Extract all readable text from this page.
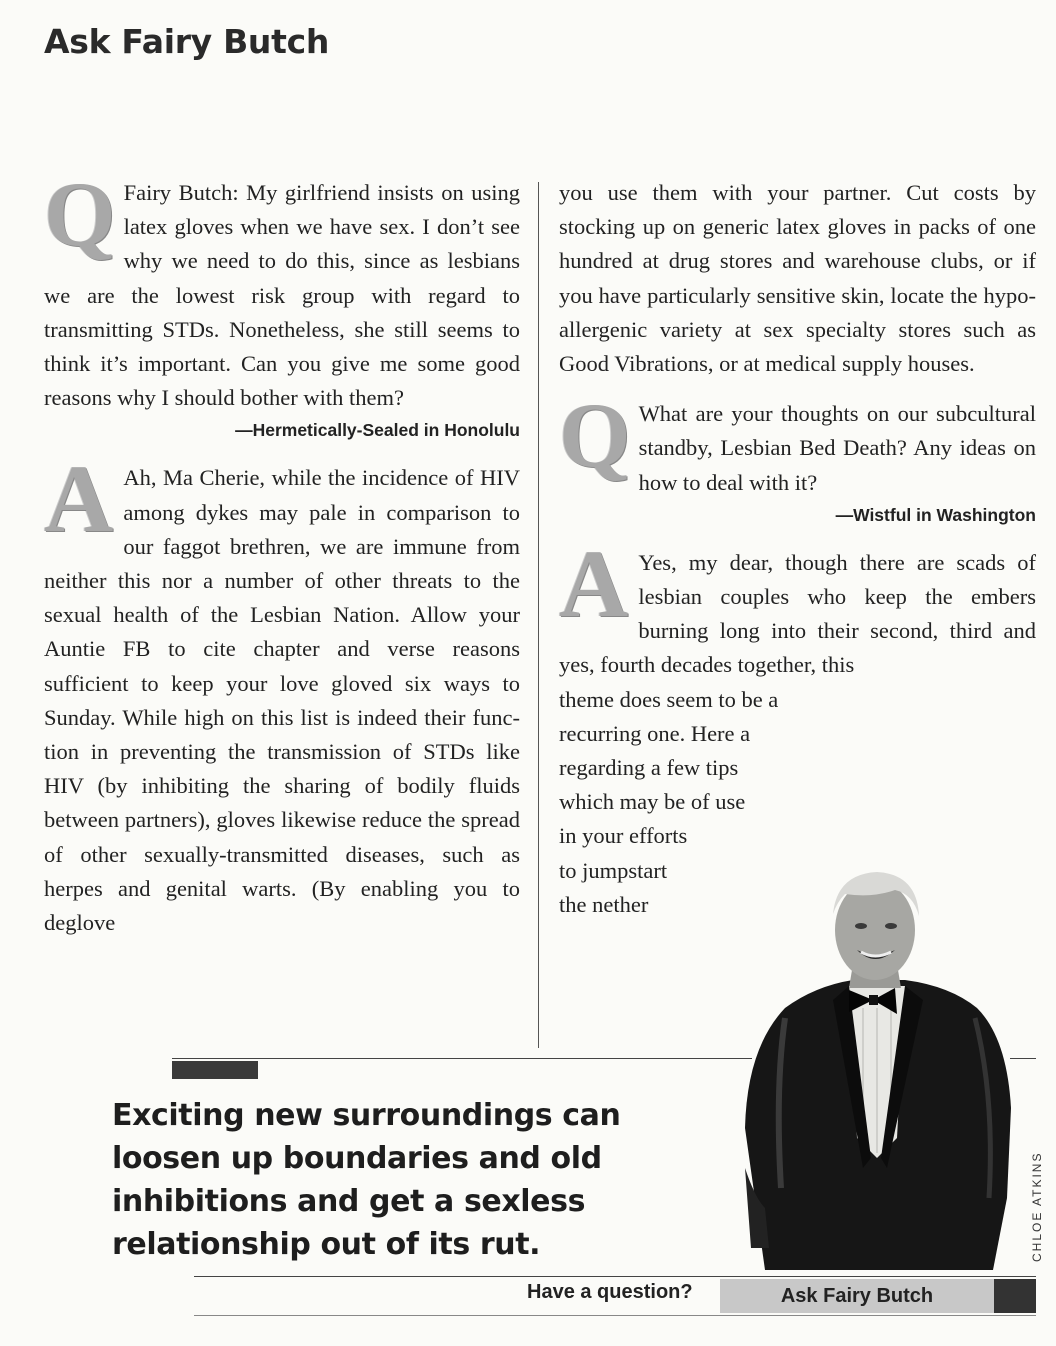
Ask Fairy Butch

Q Fairy Butch: My girlfriend insists on using latex gloves when we have sex. I don’t see why we need to do this, since as lesbians we are the lowest risk group with regard to transmitting STDs. Nonetheless, she still seems to think it’s important. Can you give me some good reasons why I should bother with them?

—Hermetically-Sealed in Honolulu

A Ah, Ma Cherie, while the incidence of HIV among dykes may pale in comparison to our faggot brethren, we are immune from neither this nor a number of other threats to the sexual health of the Lesbian Nation. Allow your Auntie FB to cite chapter and verse reasons sufficient to keep your love gloved six ways to Sunday. While high on this list is indeed their function in preventing the transmission of STDs like HIV (by inhibiting the sharing of bodily fluids between partners), gloves likewise reduce the spread of other sexually-transmitted diseases, such as herpes and genital warts. (By enabling you to deglove

you use them with your partner. Cut costs by stocking up on generic latex gloves in packs of one hundred at drug stores and warehouse clubs, or if you have particularly sensitive skin, locate the hypo-allergenic variety at sex specialty stores such as Good Vibrations, or at medical supply houses.

Q What are your thoughts on our subcultural standby, Lesbian Bed Death? Any ideas on how to deal with it?

—Wistful in Washington

A Yes, my dear, though there are scads of lesbian couples who keep the embers burning long into their second, third and yes, fourth decades together, this

theme does seem to be a
recurring one. Here a
regarding a few tips
which may be of use
in your efforts
to jumpstart
the nether
CHLOE ATKINS
Exciting new surroundings can loosen up boundaries and old inhibitions and get a sexless relationship out of its rut.
Have a question?	Ask Fairy Butch
